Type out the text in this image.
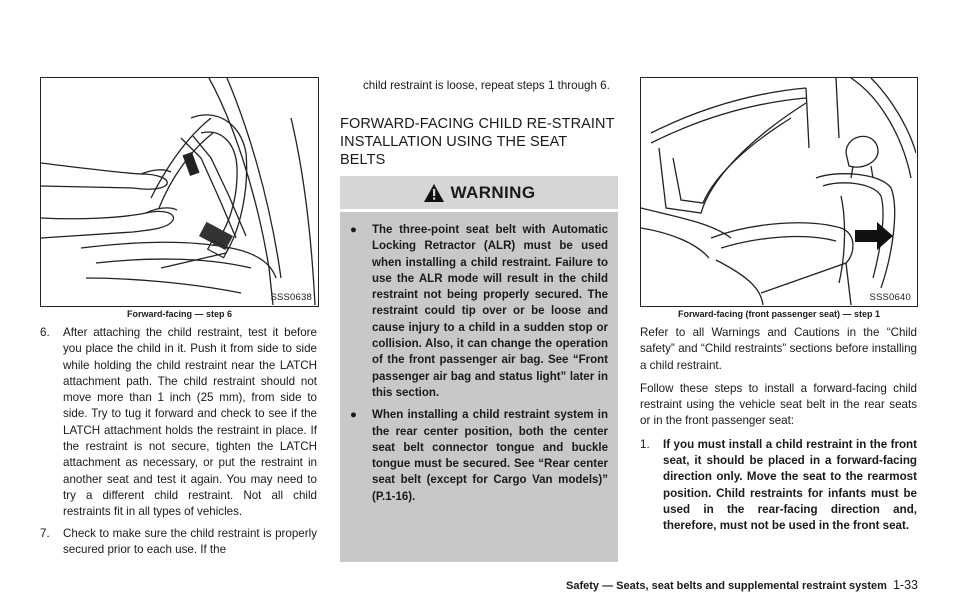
SSS0638
Forward-facing — step 6
6. After attaching the child restraint, test it before you place the child in it. Push it from side to side while holding the child restraint near the LATCH attachment path. The child restraint should not move more than 1 inch (25 mm), from side to side. Try to tug it forward and check to see if the LATCH attachment holds the restraint in place. If the restraint is not secure, tighten the LATCH attachment as necessary, or put the restraint in another seat and test it again. You may need to try a different child restraint. Not all child restraints fit in all types of vehicles.
7. Check to make sure the child restraint is properly secured prior to each use. If the
child restraint is loose, repeat steps 1 through 6.
FORWARD-FACING CHILD RE-STRAINT INSTALLATION USING THE SEAT BELTS
WARNING
● The three-point seat belt with Automatic Locking Retractor (ALR) must be used when installing a child restraint. Failure to use the ALR mode will result in the child restraint not being properly secured. The restraint could tip over or be loose and cause injury to a child in a sudden stop or collision. Also, it can change the operation of the front passenger air bag. See “Front passenger air bag and status light” later in this section.
● When installing a child restraint system in the rear center position, both the center seat belt connector tongue and buckle tongue must be secured. See “Rear center seat belt (except for Cargo Van models)” (P.1-16).
SSS0640
Forward-facing (front passenger seat) — step 1

Refer to all Warnings and Cautions in the “Child safety” and “Child restraints” sections before installing a child restraint.

Follow these steps to install a forward-facing child restraint using the vehicle seat belt in the rear seats or in the front passenger seat:

1. If you must install a child restraint in the front seat, it should be placed in a forward-facing direction only. Move the seat to the rearmost position. Child restraints for infants must be used in the rear-facing direction and, therefore, must not be used in the front seat.
Safety — Seats, seat belts and supplemental restraint system 1-33
